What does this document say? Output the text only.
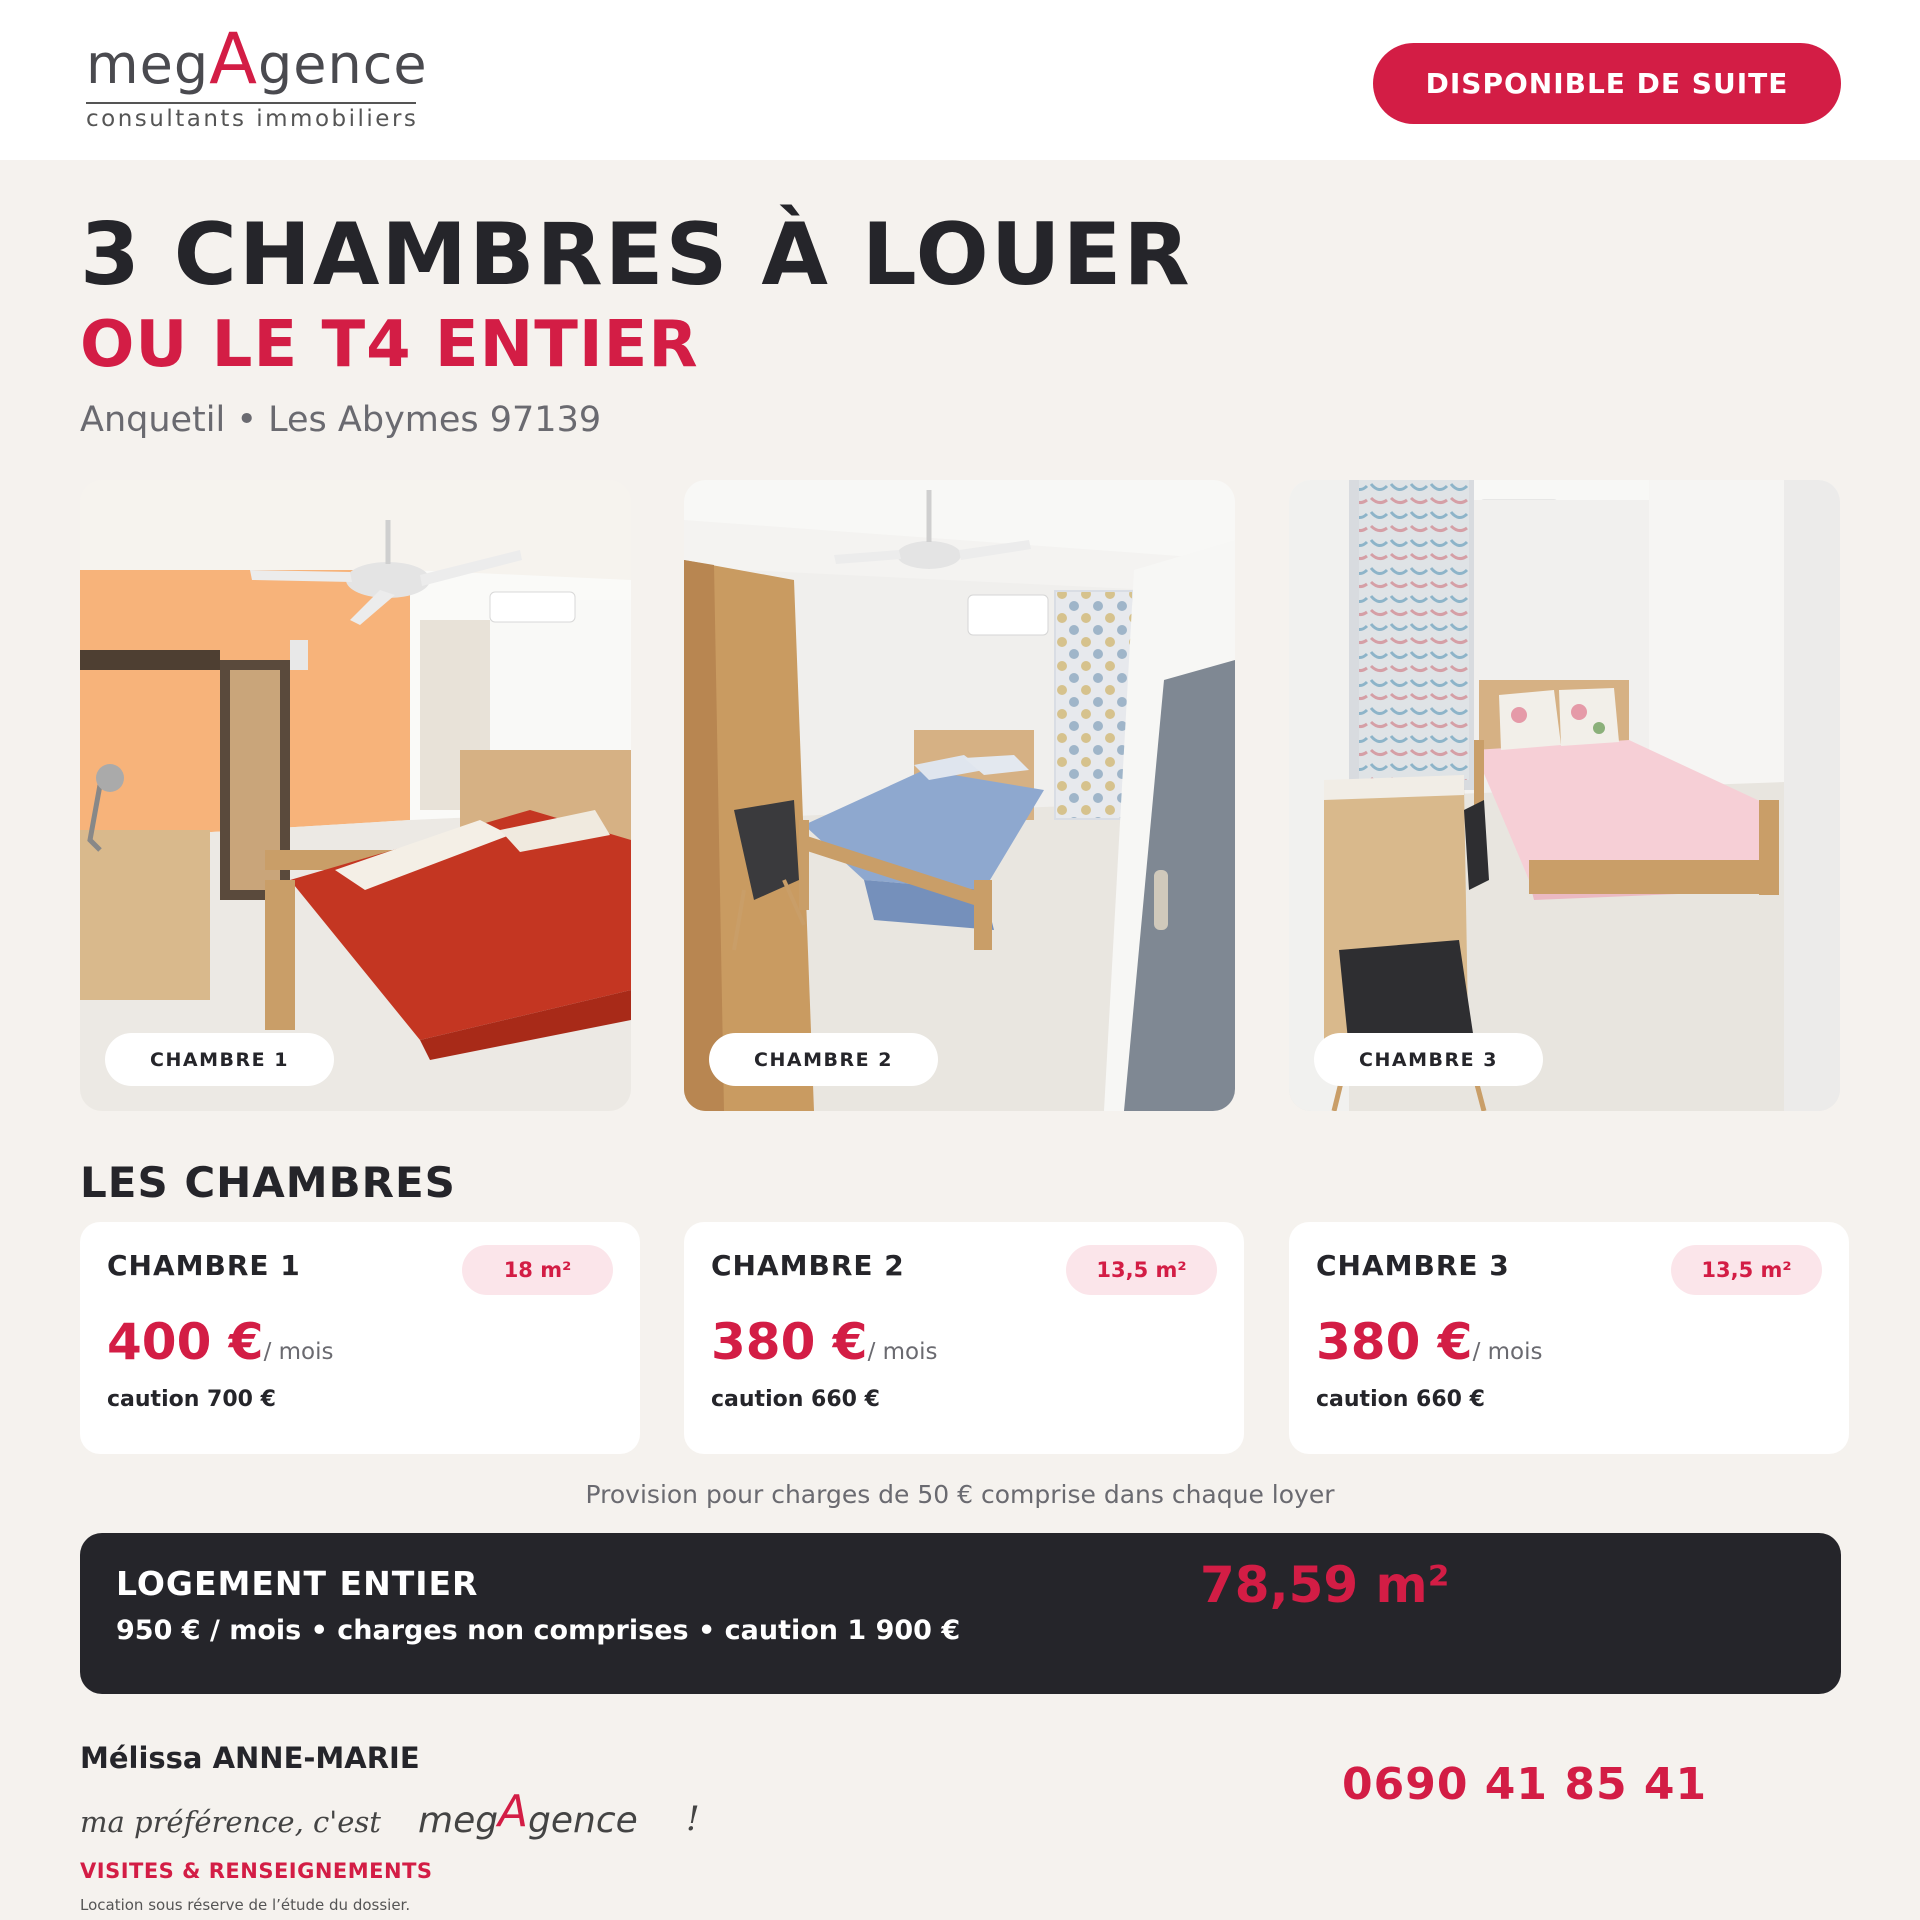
megAgence
consultants immobiliers
DISPONIBLE DE SUITE
3 CHAMBRES À LOUER
OU LE T4 ENTIER
Anquetil • Les Abymes 97139
CHAMBRE 1	CHAMBRE 2	CHAMBRE 3
LES CHAMBRES
CHAMBRE 1	18 m²
400 €/ mois
caution 700 €
CHAMBRE 2	13,5 m²
380 €/ mois
caution 660 €
CHAMBRE 3	13,5 m²
380 €/ mois
caution 660 €
Provision pour charges de 50 € comprise dans chaque loyer
LOGEMENT ENTIER
950 € / mois • charges non comprises • caution 1 900 €
78,59 m²
Mélissa ANNE-MARIE
ma préférence, c'est meg A gence !
VISITES & RENSEIGNEMENTS
Location sous réserve de l’étude du dossier.
0690 41 85 41
